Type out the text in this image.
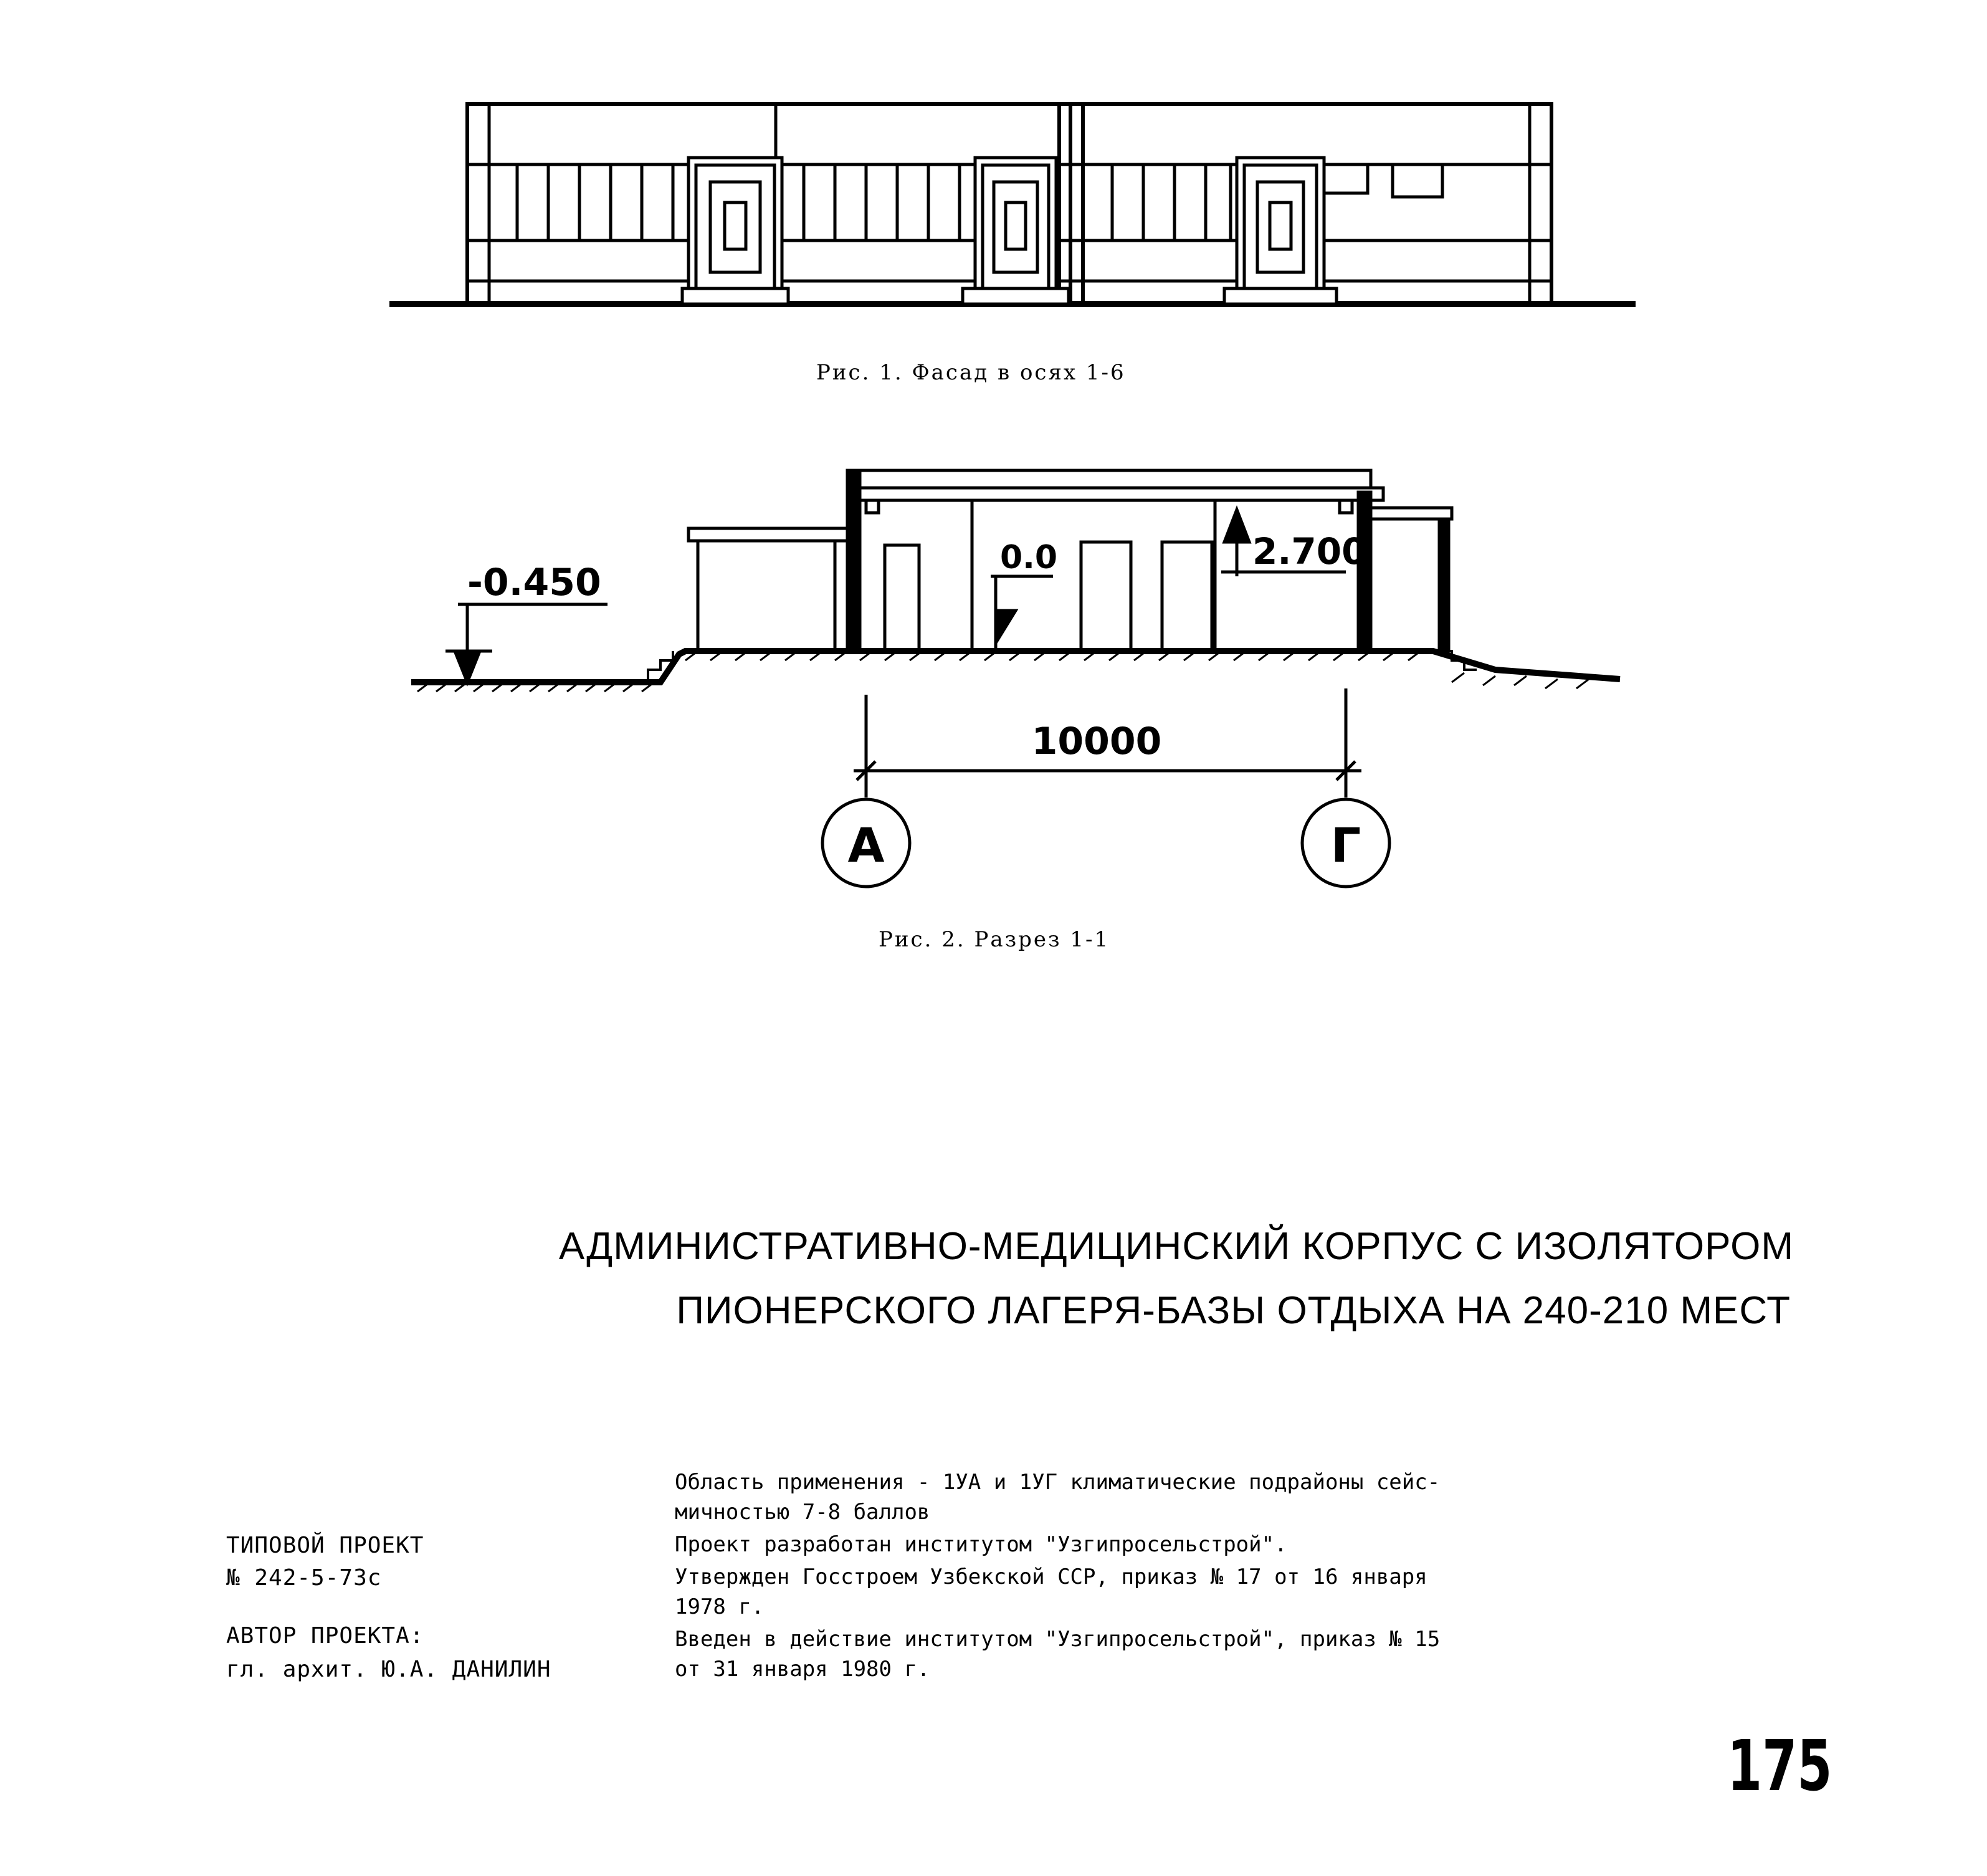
Рис. 1. Фасад в осях 1-6
-0.450
0.0	2.700
10000
А	Г
Рис. 2. Разрез 1-1
АДМИНИСТРАТИВНО-МЕДИЦИНСКИЙ КОРПУС С ИЗОЛЯТОРОМ
ПИОНЕРСКОГО ЛАГЕРЯ-БАЗЫ ОТДЫХА НА 240-210 МЕСТ
ТИПОВОЙ ПРОЕКТ
№ 242-5-73с
АВТОР ПРОЕКТА:
гл. архит. Ю.А. ДАНИЛИН
Область применения - 1УА и 1УГ климатические подрайоны сейс-
мичностью 7-8 баллов
Проект разработан институтом "Узгипросельстрой".
Утвержден Госстроем Узбекской ССР, приказ № 17 от 16 января
1978 г.
Введен в действие институтом "Узгипросельстрой", приказ № 15
от 31 января 1980 г.
175
